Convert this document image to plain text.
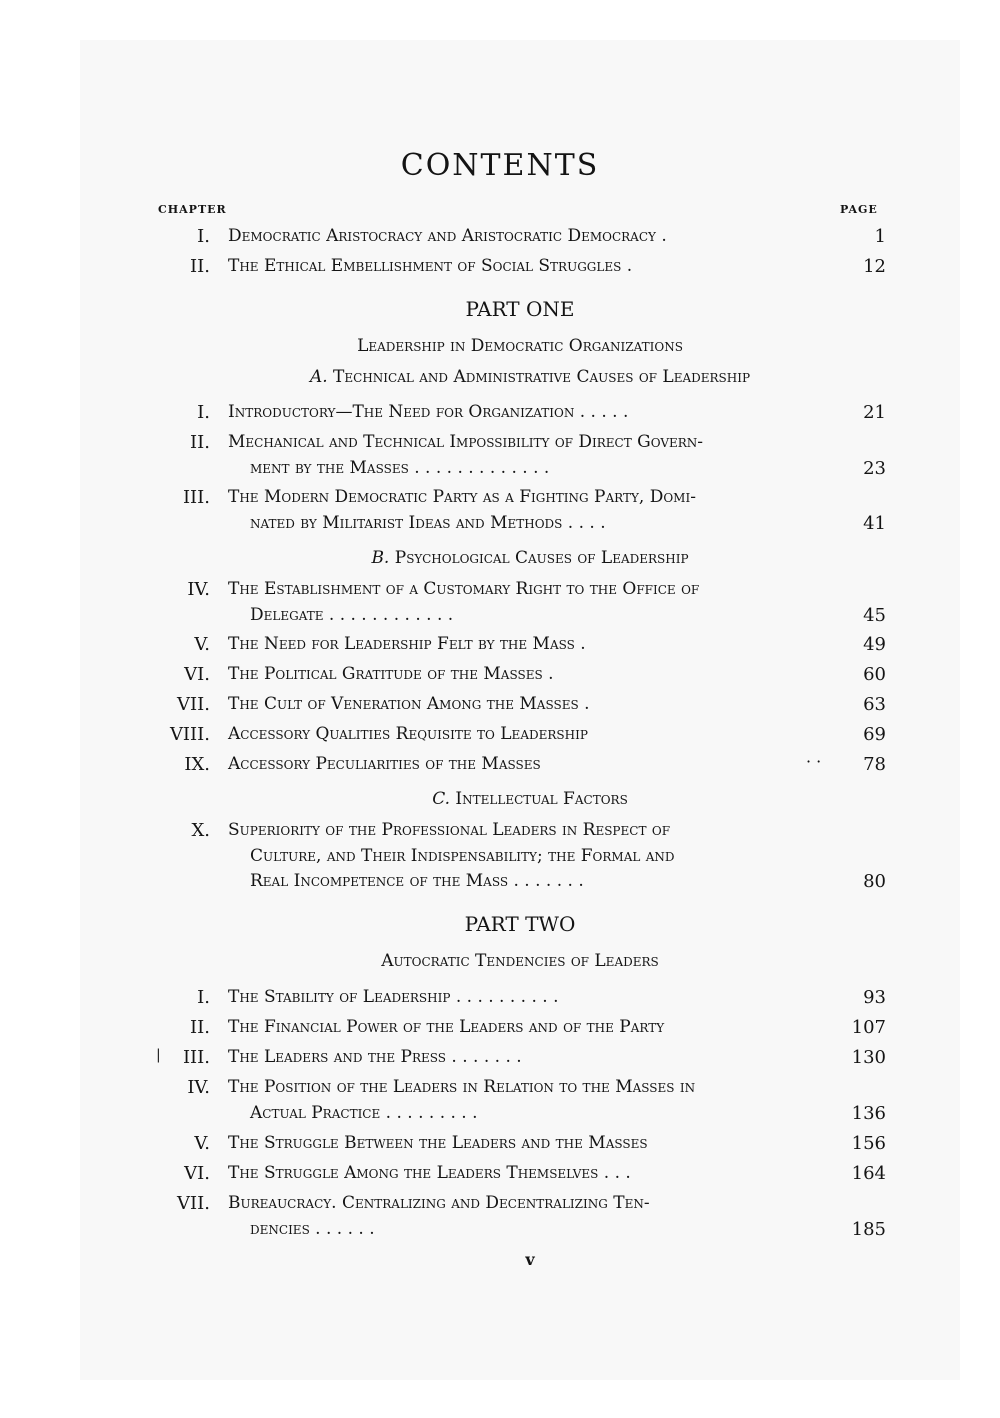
CONTENTS
CHAPTER	PAGE
I. Democratic Aristocracy and Aristocratic Democracy .	1
II. The Ethical Embellishment of Social Struggles .	12
PART ONE
Leadership in Democratic Organizations
A. Technical and Administrative Causes of Leadership
I. Introductory—The Need for Organization . . . . .	21
II. Mechanical and Technical Impossibility of Direct Govern-
ment by the Masses . . . . . . . . . . . . .	23
III. The Modern Democratic Party as a Fighting Party, Domi-
nated by Militarist Ideas and Methods . . . .	41
B. Psychological Causes of Leadership
IV. The Establishment of a Customary Right to the Office of
Delegate . . . . . . . . . . . .	45
V. The Need for Leadership Felt by the Mass .	49
VI. The Political Gratitude of the Masses .	60
VII. The Cult of Veneration Among the Masses .	63
VIII. Accessory Qualities Requisite to Leadership	69
IX. Accessory Peculiarities of the Masses	· ·	78
C. Intellectual Factors
X. Superiority of the Professional Leaders in Respect of
Culture, and Their Indispensability; the Formal and
Real Incompetence of the Mass . . . . . . .	80
PART TWO
Autocratic Tendencies of Leaders
I. The Stability of Leadership . . . . . . . . . .	93
II. The Financial Power of the Leaders and of the Party	107
|	III. The Leaders and the Press . . . . . . .	130
IV. The Position of the Leaders in Relation to the Masses in
Actual Practice . . . . . . . . .	136
V. The Struggle Between the Leaders and the Masses	156
VI. The Struggle Among the Leaders Themselves . . .	164
VII. Bureaucracy. Centralizing and Decentralizing Ten-
dencies . . . . . .	185
v
